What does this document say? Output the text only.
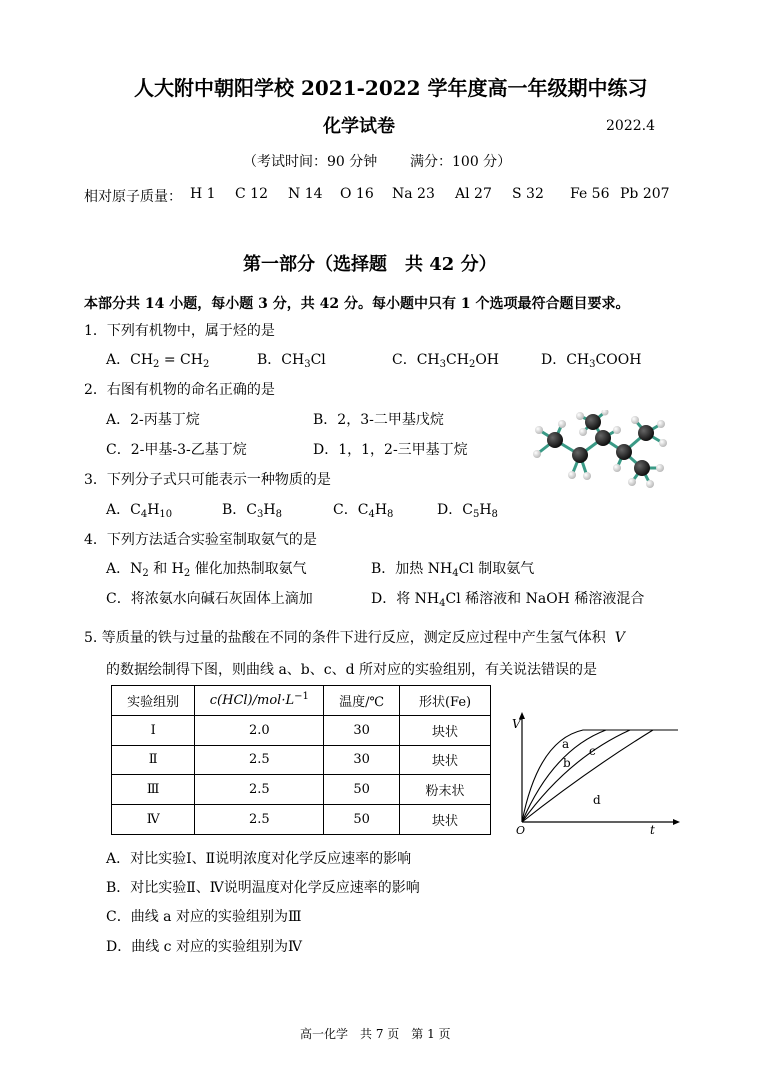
人大附中朝阳学校 2021-2022 学年度高一年级期中练习
化学试卷	2022.4
（考试时间：90 分钟 满分：100 分）
相对原子质量： H 1 C 12 N 14 O 16 Na 23 Al 27 S 32 Fe 56 Pb 207
第一部分（选择题　共 42 分）
本部分共 14 小题，每小题 3 分，共 42 分。每小题中只有 1 个选项最符合题目要求。
1．下列有机物中，属于烃的是
A．$CH_2 = CH_2$	B．$CH_3Cl$	C．$CH_3CH_2OH$	D．$CH_3COOH$
2．右图有机物的命名正确的是
A．2-丙基丁烷	B．2，3-二甲基戊烷
C．2-甲基-3-乙基丁烷	D．1，1，2-三甲基丁烷
3．下列分子式只可能表示一种物质的是
A．$C_4H_{10}$	B．$C_3H_8$	C．$C_4H_8$	D．$C_5H_8$
4．下列方法适合实验室制取氨气的是
A．$N_2$ 和 $H_2$ 催化加热制取氨气	B．加热 $NH_4Cl$ 制取氨气
C．将浓氨水向碱石灰固体上滴加	D．将 $NH_4Cl$ 稀溶液和 NaOH 稀溶液混合
5. 等质量的铁与过量的盐酸在不同的条件下进行反应，测定反应过程中产生氢气体积 V
的数据绘制得下图，则曲线 a、b、c、d 所对应的实验组别，有关说法错误的是
实验组别	$c(HCl)/mol\cdot L^{-1}$	温度/℃	形状(Fe)
Ⅰ	2.0	30	块状
Ⅱ	2.5	30	块状
Ⅲ	2.5	50	粉末状
Ⅳ	2.5	50	块状
V
t
O
a
b
c
d
A．对比实验Ⅰ、Ⅱ说明浓度对化学反应速率的影响
B．对比实验Ⅱ、Ⅳ说明温度对化学反应速率的影响
C．曲线 a 对应的实验组别为Ⅲ
D．曲线 c 对应的实验组别为Ⅳ
高一化学　共 7 页　第 1 页
